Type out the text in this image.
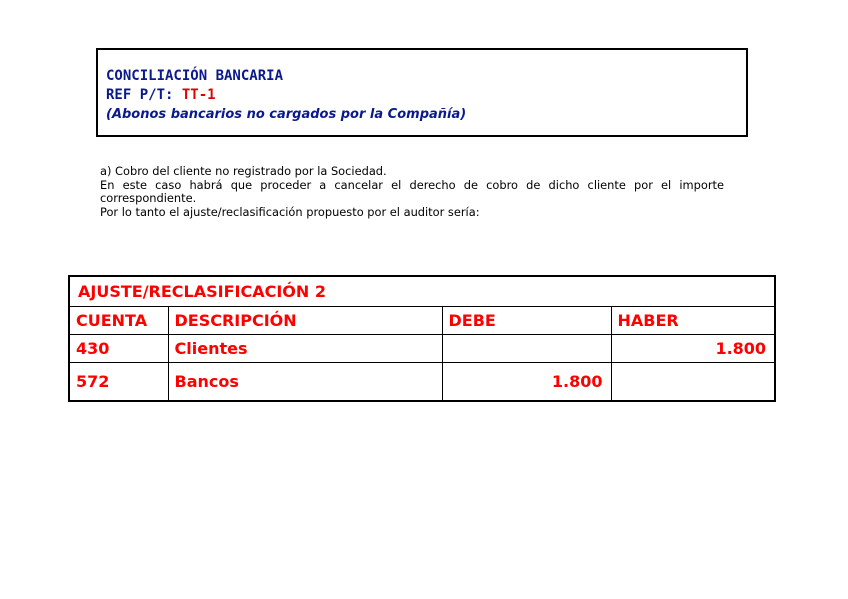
CONCILIACIÓN BANCARIA
REF P/T: TT-1
(Abonos bancarios no cargados por la Compañía)

a) Cobro del cliente no registrado por la Sociedad.

En este caso habrá que proceder a cancelar el derecho de cobro de dicho cliente por el importe correspondiente.

Por lo tanto el ajuste/reclasificación propuesto por el auditor sería:

AJUSTE/RECLASIFICACIÓN 2			
CUENTA	DESCRIPCIÓN	DEBE	HABER
430	Clientes		1.800
572	Bancos	1.800	
